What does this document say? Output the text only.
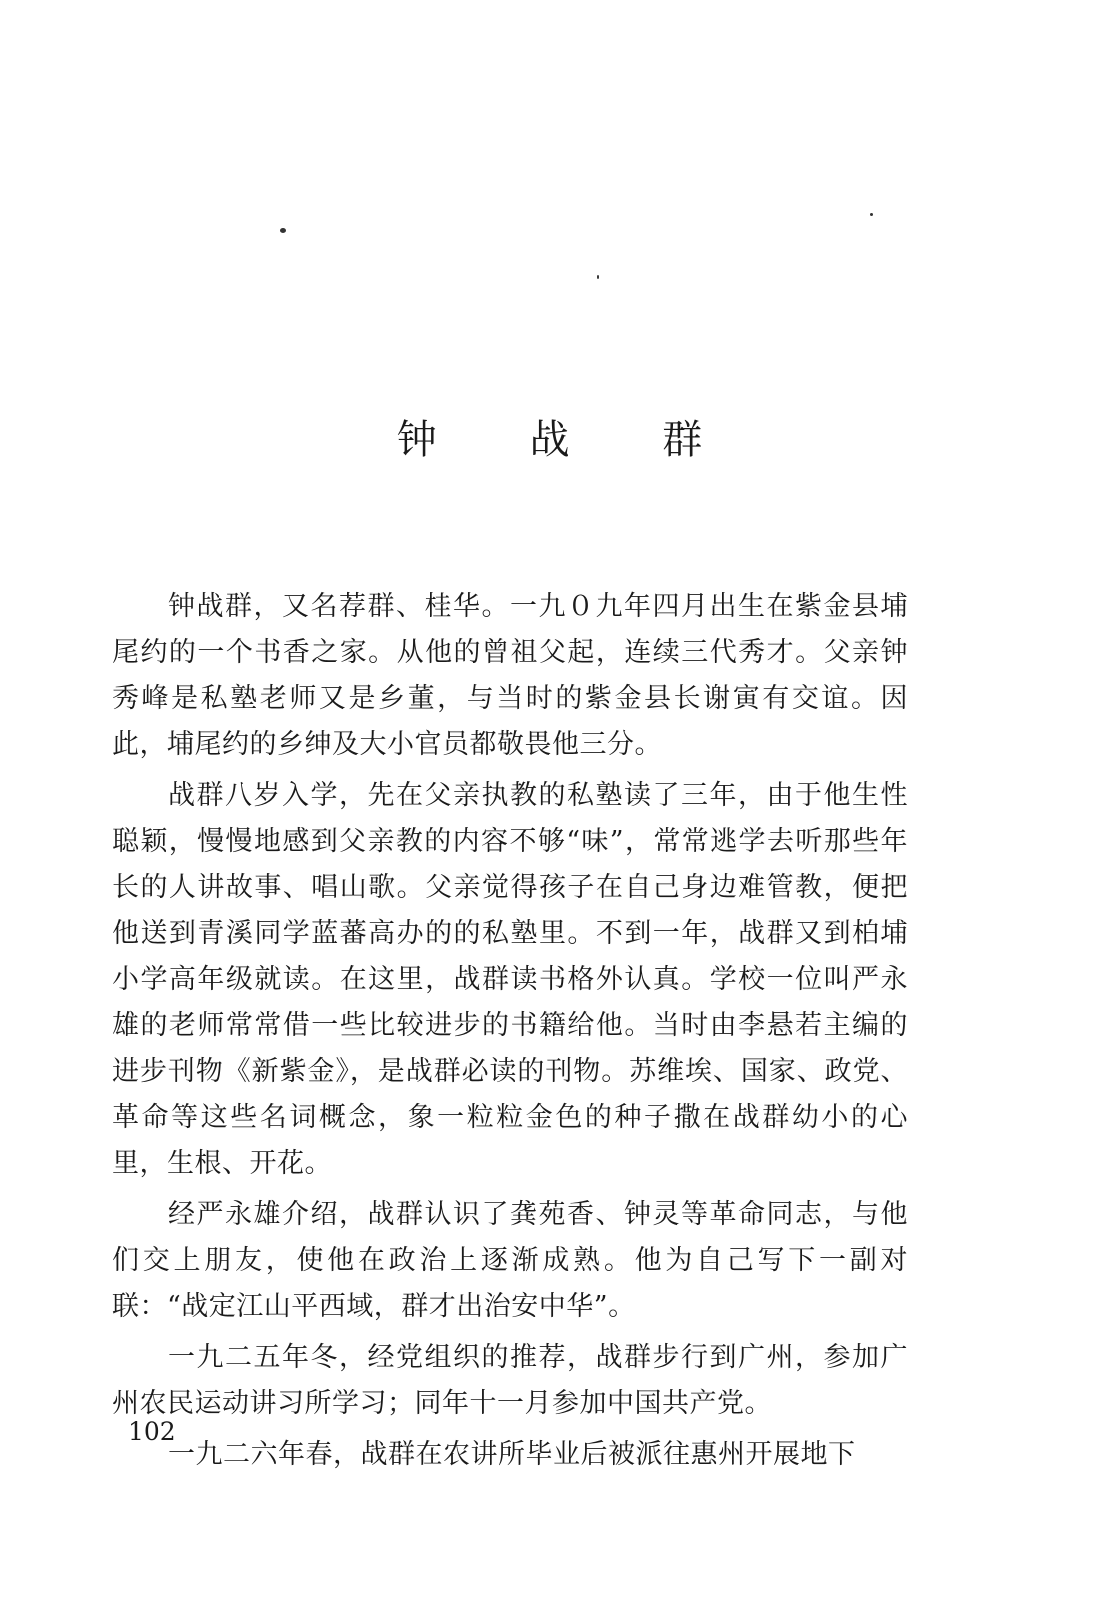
钟 战 群

钟战群，又名荐群、桂华。一九０九年四月出生在紫金县埔尾约的一个书香之家。从他的曾祖父起，连续三代秀才。父亲钟秀峰是私塾老师又是乡董，与当时的紫金县长谢寅有交谊。因此，埔尾约的乡绅及大小官员都敬畏他三分。

战群八岁入学，先在父亲执教的私塾读了三年，由于他生性聪颖，慢慢地感到父亲教的内容不够“味”，常常逃学去听那些年长的人讲故事、唱山歌。父亲觉得孩子在自己身边难管教，便把他送到青溪同学蓝蕃高办的的私塾里。不到一年，战群又到柏埔小学高年级就读。在这里，战群读书格外认真。学校一位叫严永雄的老师常常借一些比较进步的书籍给他。当时由李悬若主编的进步刊物《新紫金》，是战群必读的刊物。苏维埃、国家、政党、革命等这些名词概念，象一粒粒金色的种子撒在战群幼小的心里，生根、开花。

经严永雄介绍，战群认识了龚苑香、钟灵等革命同志，与他们交上朋友，使他在政治上逐渐成熟。他为自己写下一副对联：“战定江山平西域，群才出治安中华”。

一九二五年冬，经党组织的推荐，战群步行到广州，参加广州农民运动讲习所学习；同年十一月参加中国共产党。

一九二六年春，战群在农讲所毕业后被派往惠州开展地下

102
